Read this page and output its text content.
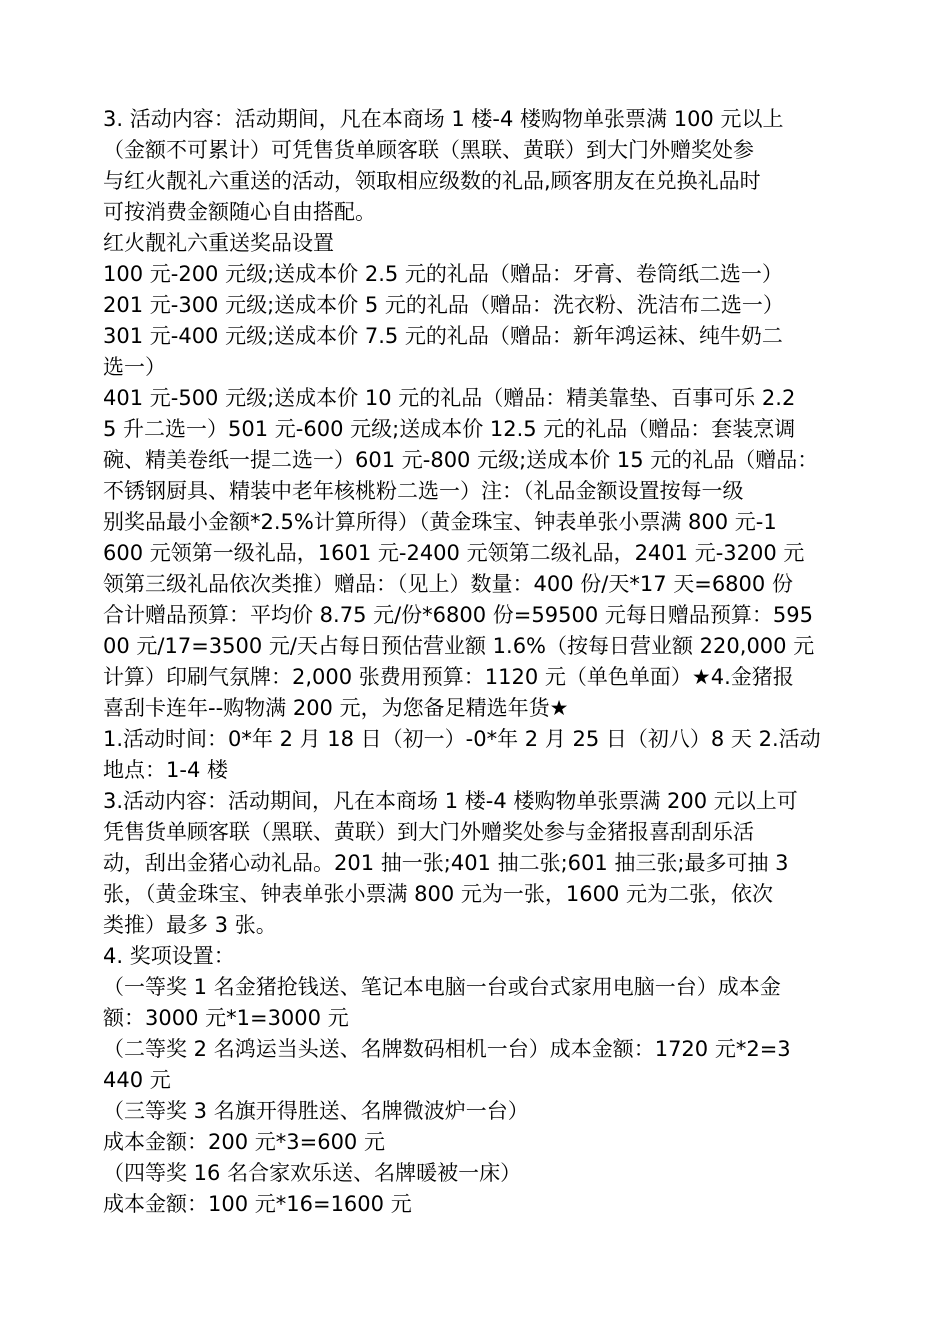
3. 活动内容：活动期间，凡在本商场 1 楼-4 楼购物单张票满 100 元以上
（金额不可累计）可凭售货单顾客联（黑联、黄联）到大门外赠奖处参
与红火靓礼六重送的活动，领取相应级数的礼品,顾客朋友在兑换礼品时
可按消费金额随心自由搭配。
红火靓礼六重送奖品设置
100 元-200 元级;送成本价 2.5 元的礼品（赠品：牙膏、卷筒纸二选一）
201 元-300 元级;送成本价 5 元的礼品（赠品：洗衣粉、洗洁布二选一）
301 元-400 元级;送成本价 7.5 元的礼品（赠品：新年鸿运袜、纯牛奶二
选一）
401 元-500 元级;送成本价 10 元的礼品（赠品：精美靠垫、百事可乐 2.2
5 升二选一）501 元-600 元级;送成本价 12.5 元的礼品（赠品：套装烹调
碗、精美卷纸一提二选一）601 元-800 元级;送成本价 15 元的礼品（赠品：
不锈钢厨具、精装中老年核桃粉二选一）注：（礼品金额设置按每一级
别奖品最小金额*2.5%计算所得）（黄金珠宝、钟表单张小票满 800 元-1
600 元领第一级礼品，1601 元-2400 元领第二级礼品，2401 元-3200 元
领第三级礼品依次类推）赠品：（见上）数量：400 份/天*17 天=6800 份
合计赠品预算：平均价 8.75 元/份*6800 份=59500 元每日赠品预算：595
00 元/17=3500 元/天占每日预估营业额 1.6%（按每日营业额 220,000 元
计算）印刷气氛牌：2,000 张费用预算：1120 元（单色单面）★4.金猪报
喜刮卡连年--购物满 200 元，为您备足精选年货★
1.活动时间：0*年 2 月 18 日（初一）-0*年 2 月 25 日（初八）8 天 2.活动
地点：1-4 楼
3.活动内容：活动期间，凡在本商场 1 楼-4 楼购物单张票满 200 元以上可
凭售货单顾客联（黑联、黄联）到大门外赠奖处参与金猪报喜刮刮乐活
动，刮出金猪心动礼品。201 抽一张;401 抽二张;601 抽三张;最多可抽 3
张，（黄金珠宝、钟表单张小票满 800 元为一张，1600 元为二张，依次
类推）最多 3 张。
4. 奖项设置：
（一等奖 1 名金猪抢钱送、笔记本电脑一台或台式家用电脑一台）成本金
额：3000 元*1=3000 元
（二等奖 2 名鸿运当头送、名牌数码相机一台）成本金额：1720 元*2=3
440 元
（三等奖 3 名旗开得胜送、名牌微波炉一台）
成本金额：200 元*3=600 元
（四等奖 16 名合家欢乐送、名牌暖被一床）
成本金额：100 元*16=1600 元
